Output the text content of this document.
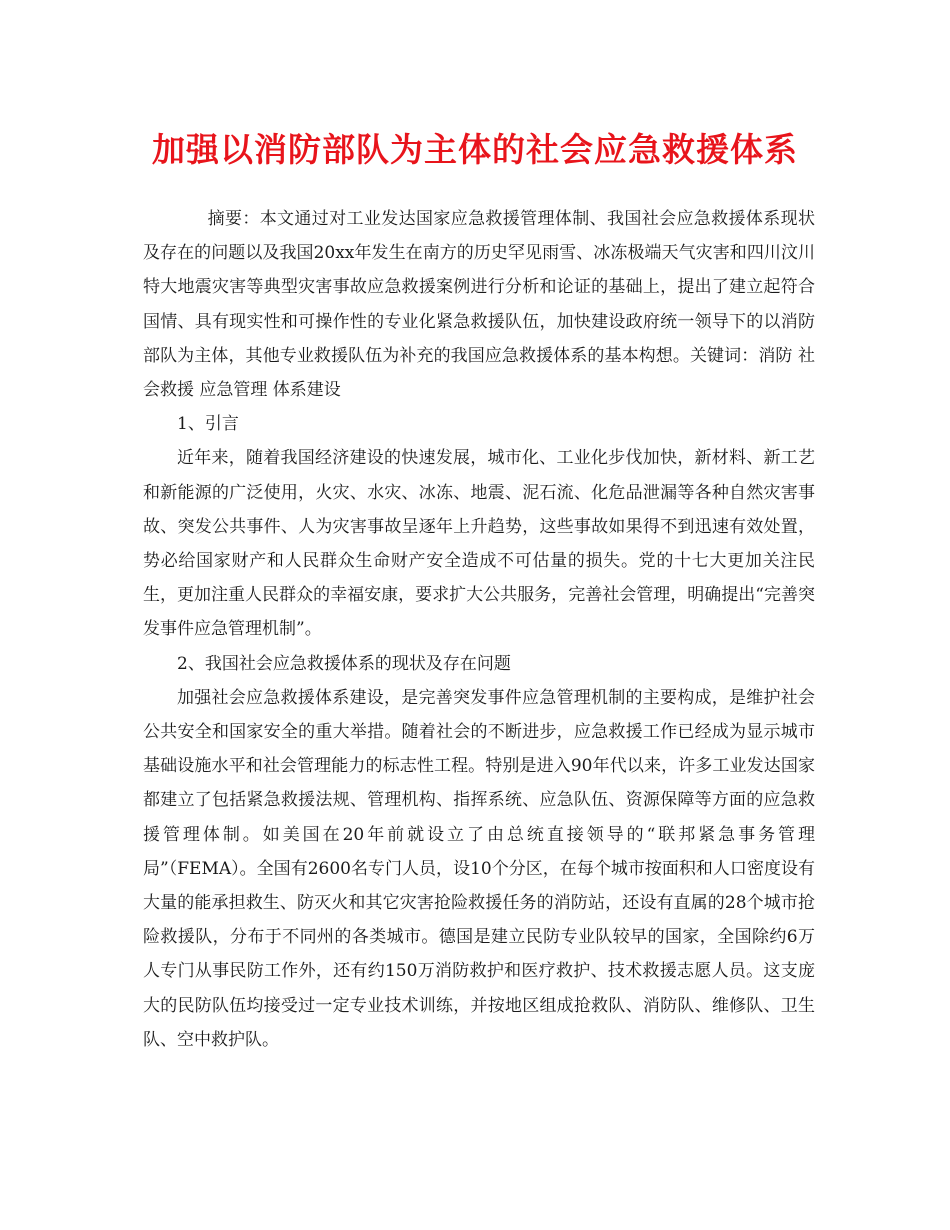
加强以消防部队为主体的社会应急救援体系

摘要：本文通过对工业发达国家应急救援管理体制、我国社会应急救援体系现状及存在的问题以及我国20xx年发生在南方的历史罕见雨雪、冰冻极端天气灾害和四川汶川特大地震灾害等典型灾害事故应急救援案例进行分析和论证的基础上，提出了建立起符合国情、具有现实性和可操作性的专业化紧急救援队伍，加快建设政府统一领导下的以消防部队为主体，其他专业救援队伍为补充的我国应急救援体系的基本构想。关键词：消防 社会救援 应急管理 体系建设

1、引言

近年来，随着我国经济建设的快速发展，城市化、工业化步伐加快，新材料、新工艺和新能源的广泛使用，火灾、水灾、冰冻、地震、泥石流、化危品泄漏等各种自然灾害事故、突发公共事件、人为灾害事故呈逐年上升趋势，这些事故如果得不到迅速有效处置，势必给国家财产和人民群众生命财产安全造成不可估量的损失。党的十七大更加关注民生，更加注重人民群众的幸福安康，要求扩大公共服务，完善社会管理，明确提出“完善突发事件应急管理机制”。

2、我国社会应急救援体系的现状及存在问题

加强社会应急救援体系建设，是完善突发事件应急管理机制的主要构成，是维护社会公共安全和国家安全的重大举措。随着社会的不断进步，应急救援工作已经成为显示城市基础设施水平和社会管理能力的标志性工程。特别是进入90年代以来，许多工业发达国家都建立了包括紧急救援法规、管理机构、指挥系统、应急队伍、资源保障等方面的应急救援管理体制。如美国在20年前就设立了由总统直接领导的“联邦紧急事务管理局”（FEMA）。全国有2600名专门人员，设10个分区，在每个城市按面积和人口密度设有大量的能承担救生、防灭火和其它灾害抢险救援任务的消防站，还设有直属的28个城市抢险救援队，分布于不同州的各类城市。德国是建立民防专业队较早的国家，全国除约6万人专门从事民防工作外，还有约150万消防救护和医疗救护、技术救援志愿人员。这支庞大的民防队伍均接受过一定专业技术训练，并按地区组成抢救队、消防队、维修队、卫生队、空中救护队。
